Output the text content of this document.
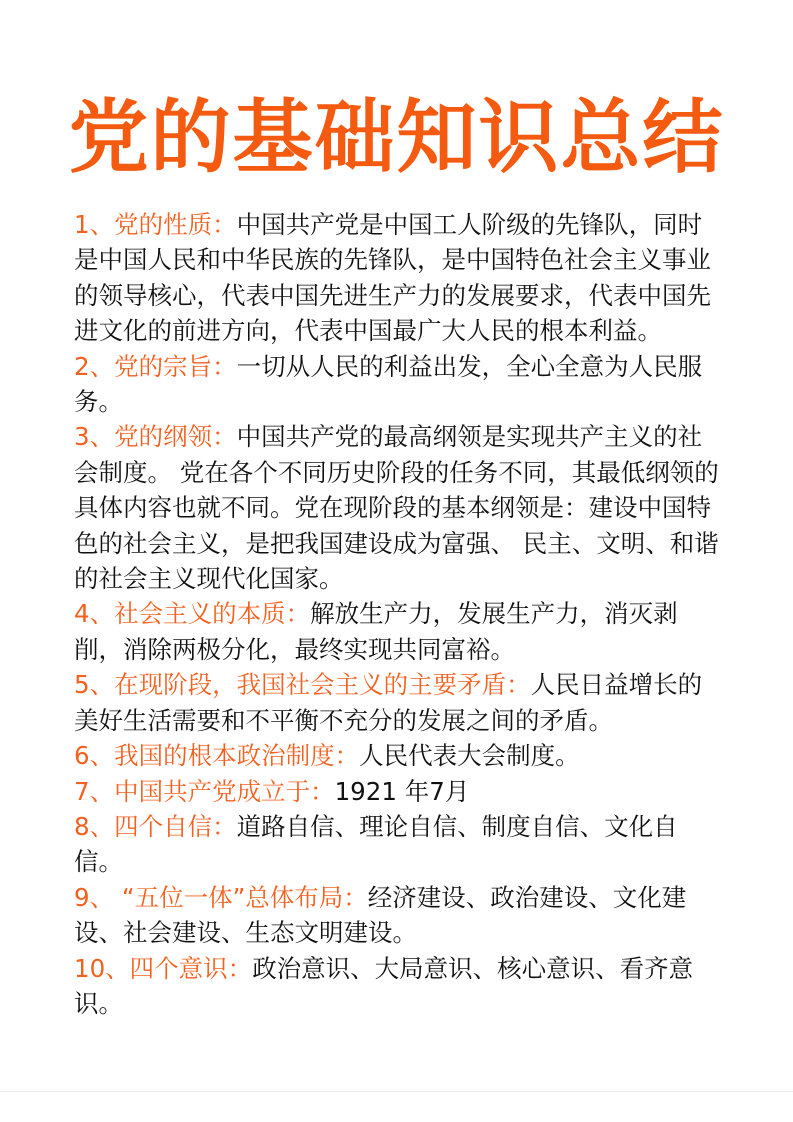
党的基础知识总结

1、党的性质：中国共产党是中国工人阶级的先锋队，同时是中国人民和中华民族的先锋队，是中国特色社会主义事业的领导核心，代表中国先进生产力的发展要求，代表中国先进文化的前进方向，代表中国最广大人民的根本利益。

2、党的宗旨：一切从人民的利益出发，全心全意为人民服务。

3、党的纲领：中国共产党的最高纲领是实现共产主义的社会制度。 党在各个不同历史阶段的任务不同，其最低纲领的具体内容也就不同。党在现阶段的基本纲领是：建设中国特色的社会主义，是把我国建设成为富强、 民主、文明、和谐的社会主义现代化国家。

4、社会主义的本质：解放生产力，发展生产力，消灭剥削，消除两极分化，最终实现共同富裕。

5、在现阶段，我国社会主义的主要矛盾：人民日益增长的美好生活需要和不平衡不充分的发展之间的矛盾。

6、我国的根本政治制度：人民代表大会制度。

7、中国共产党成立于：1921 年7月

8、四个自信：道路自信、理论自信、制度自信、文化自信。

9、 “五位一体”总体布局：经济建设、政治建设、文化建设、社会建设、生态文明建设。

10、四个意识：政治意识、大局意识、核心意识、看齐意识。
